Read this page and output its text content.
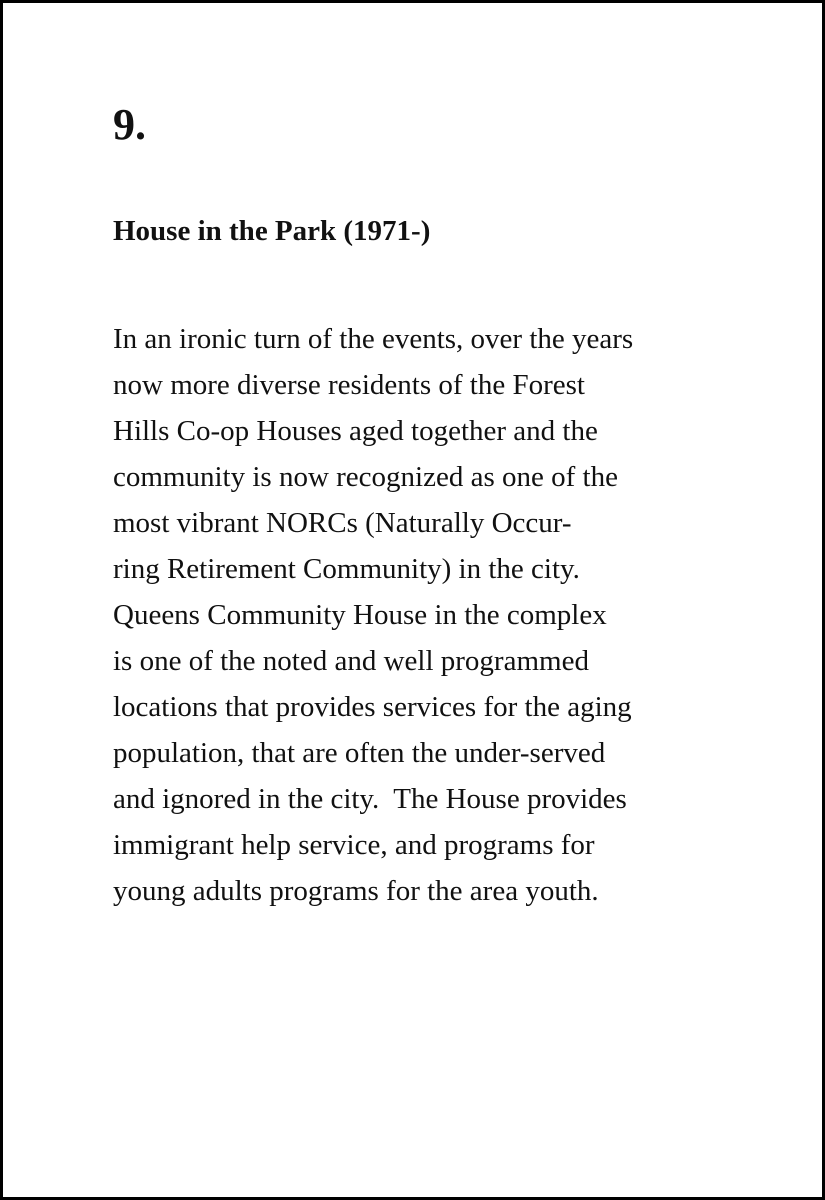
9.
House in the Park (1971-)
In an ironic turn of the events, over the years
now more diverse residents of the Forest
Hills Co-op Houses aged together and the
community is now recognized as one of the
most vibrant NORCs (Naturally Occur-
ring Retirement Community) in the city.
Queens Community House in the complex
is one of the noted and well programmed
locations that provides services for the aging
population, that are often the under-served
and ignored in the city.  The House provides
immigrant help service, and programs for
young adults programs for the area youth.
